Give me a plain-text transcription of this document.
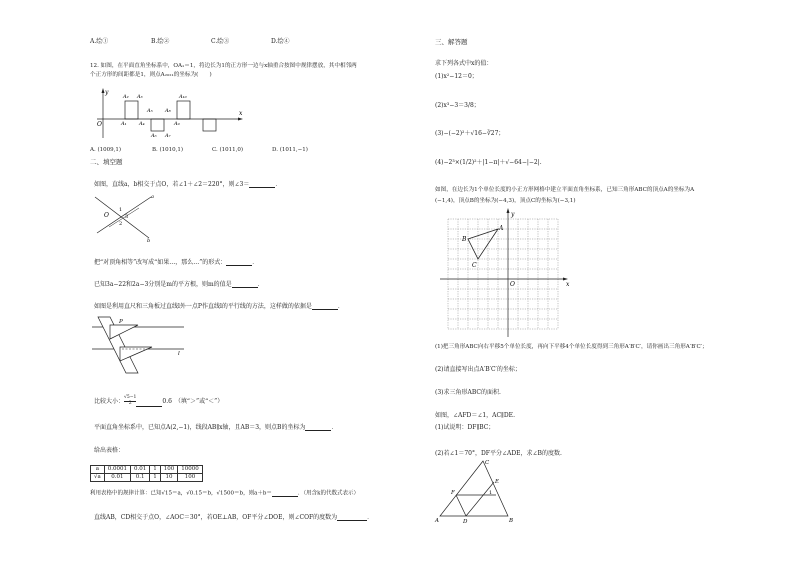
A.绘①	B.绘②	C.绘③	D.绘④
12. 如图，在平面直角坐标系中，OA₁＝1，将边长为1的正方形一边与x轴重合按图中规律摆放，其中相邻两
个正方形的间距都是1，则点A₂₀₂₁的坐标为(　　)
y
x
O	A₁
A₂ A₃
A₄
A₅
A₆ A₇
A₈
A₉
A₁₀
A. (1009,1)	B. (1010,1)	C. (1011,0)	D. (1011,−1)
二、填空题
如图，直线a，b相交于点O，若∠1＋∠2＝220°，则∠3＝	．
a
b
O
1
2
3
把“对顶角相等”改写成“如果…，那么…”的形式：	．
已知3a−22和2a−3分别是m的平方根，则m的值是	．
如图是利用直尺和三角板过直线l外一点P作直线l的平行线的方法，这样做的依据是	．
P
l
比较大小： $\frac{√5-1}{2}$	0.6　（填“＞”或“＜”）
平面直角坐标系中，已知点A(2,−1)，线段AB∥x轴，且AB＝3，则点B的坐标为	．
给出表格：
a	0.0001	0.01	1	100	10000
√a	0.01	0.1	1	10	100
利用表格中的规律计算：已知√15＝a，√0.15＝b，√1500＝b，则a＋b＝	．（用含k的代数式表示）
直线AB，CD相交于点O，∠AOC＝30°，若OE⊥AB，OF平分∠DOE，则∠COF的度数为	．
三、解答题
求下列各式中x的值：
(1)x²−12＝0；
(2)x³−3＝3/8；
(3)−(−2)²＋√16−∛27；
(4)−2³×(1/2)²＋|1−π|＋√−64−|−2|.
如图，在边长为1个单位长度的小正方形网格中建立平面直角坐标系，已知三角形ABC的顶点A的坐标为A
(−1,4)，顶点B的坐标为(−4,3)，顶点C的坐标为(−3,1)
y
x
O
A
B
C
(1)把三角形ABC向右平移5个单位长度，再向下平移4个单位长度得到三角形A′B′C′，请你画出三角形A′B′C′；
(2)请直接写出点A′B′C′的坐标；
(3)求三角形ABC的面积.
如图，∠AFD＝∠1，AC∥DE.
(1)试说明：DF∥BC；
(2)若∠1＝70°，DF平分∠ADE，求∠B的度数.
C
A	B
D
E
F	1
